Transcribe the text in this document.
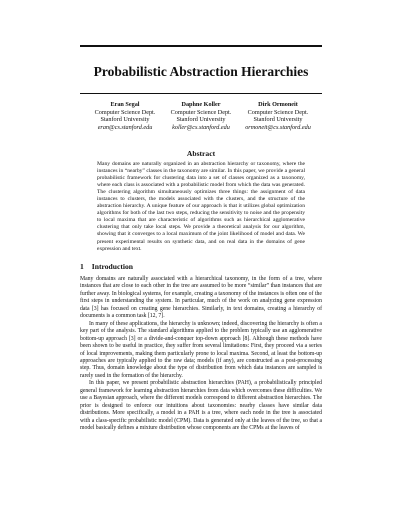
Probabilistic Abstraction Hierarchies
Eran Segal
Computer Science Dept.
Stanford University
eran@cs.stanford.edu
Daphne Koller
Computer Science Dept.
Stanford University
koller@cs.stanford.edu
Dirk Ormoneit
Computer Science Dept.
Stanford University
ormoneit@cs.stanford.edu
Abstract

Many domains are naturally organized in an abstraction hierarchy or taxonomy, where the instances in “nearby” classes in the taxonomy are similar. In this paper, we provide a general probabilistic framework for clustering data into a set of classes organized as a taxonomy, where each class is associated with a probabilistic model from which the data was generated. The clustering algorithm simultaneously optimizes three things: the assignment of data instances to clusters, the models associated with the clusters, and the structure of the abstraction hierarchy. A unique feature of our approach is that it utilizes global optimization algorithms for both of the last two steps, reducing the sensitivity to noise and the propensity to local maxima that are characteristic of algorithms such as hierarchical agglomerative clustering that only take local steps. We provide a theoretical analysis for our algorithm, showing that it converges to a local maximum of the joint likelihood of model and data. We present experimental results on synthetic data, and on real data in the domains of gene expression and text.

1 Introduction

Many domains are naturally associated with a hierarchical taxonomy, in the form of a tree, where instances that are close to each other in the tree are assumed to be more “similar” than instances that are further away. In biological systems, for example, creating a taxonomy of the instances is often one of the first steps in understanding the system. In particular, much of the work on analyzing gene expression data [3] has focused on creating gene hierarchies. Similarly, in text domains, creating a hierarchy of documents is a common task [12, 7].

In many of these applications, the hierarchy is unknown; indeed, discovering the hierarchy is often a key part of the analysis. The standard algorithms applied to the problem typically use an agglomerative bottom-up approach [3] or a divide-and-conquer top-down approach [8]. Although these methods have been shown to be useful in practice, they suffer from several limitations: First, they proceed via a series of local improvements, making them particularly prone to local maxima. Second, at least the bottom-up approaches are typically applied to the raw data; models (if any), are constructed as a post-processing step. Thus, domain knowledge about the type of distribution from which data instances are sampled is rarely used in the formation of the hierarchy.

In this paper, we present probabilistic abstraction hierarchies (PAH), a probabilistically principled general framework for learning abstraction hierarchies from data which overcomes these difficulties. We use a Bayesian approach, where the different models correspond to different abstraction hierarchies. The prior is designed to enforce our intuitions about taxonomies: nearby classes have similar data distributions. More specifically, a model in a PAH is a tree, where each node in the tree is associated with a class-specific probabilistic model (CPM). Data is generated only at the leaves of the tree, so that a model basically defines a mixture distribution whose components are the CPMs at the leaves of
